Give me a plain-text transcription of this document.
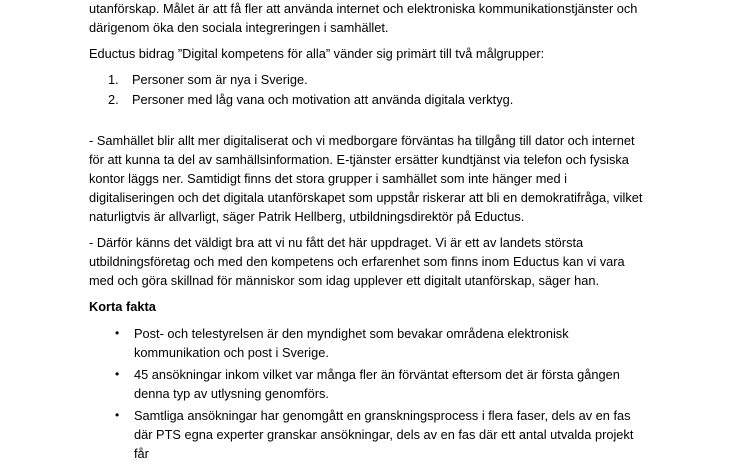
utanförskap. Målet är att få fler att använda internet och elektroniska kommunikationstjänster och därigenom öka den sociala integreringen i samhället.

Eductus bidrag ”Digital kompetens för alla” vänder sig primärt till två målgrupper:

1.	Personer som är nya i Sverige.
2.	Personer med låg vana och motivation att använda digitala verktyg.

- Samhället blir allt mer digitaliserat och vi medborgare förväntas ha tillgång till dator och internet för att kunna ta del av samhällsinformation. E-tjänster ersätter kundtjänst via telefon och fysiska kontor läggs ner. Samtidigt finns det stora grupper i samhället som inte hänger med i digitaliseringen och det digitala utanförskapet som uppstår riskerar att bli en demokratifråga, vilket naturligtvis är allvarligt, säger Patrik Hellberg, utbildningsdirektör på Eductus.

- Därför känns det väldigt bra att vi nu fått det här uppdraget. Vi är ett av landets största utbildningsföretag och med den kompetens och erfarenhet som finns inom Eductus kan vi vara med och göra skillnad för människor som idag upplever ett digitalt utanförskap, säger han.

Korta fakta

•	Post- och telestyrelsen är den myndighet som bevakar områdena elektronisk kommunikation och post i Sverige.
•	45 ansökningar inkom vilket var många fler än förväntat eftersom det är första gången denna typ av utlysning genomförs.
•	Samtliga ansökningar har genomgått en granskningsprocess i flera faser, dels av en fas där PTS egna experter granskar ansökningar, dels av en fas där ett antal utvalda projekt får
